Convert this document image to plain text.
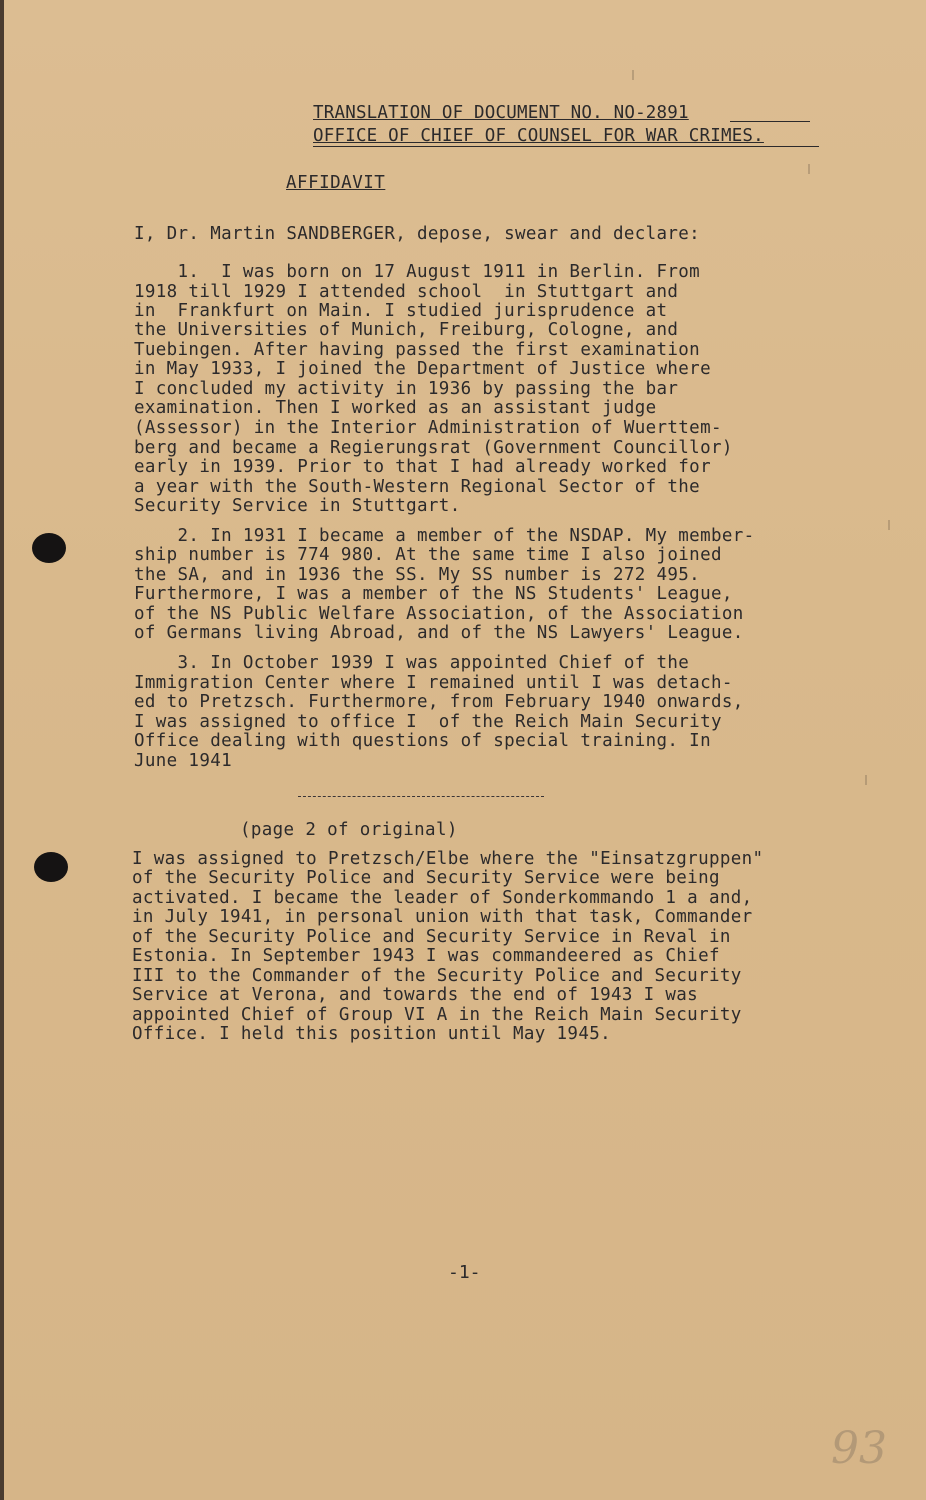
TRANSLATION OF DOCUMENT NO. NO-2891
OFFICE OF CHIEF OF COUNSEL FOR WAR CRIMES.
AFFIDAVIT
I, Dr. Martin SANDBERGER, depose, swear and declare:
1.  I was born on 17 August 1911 in Berlin. From
1918 till 1929 I attended school  in Stuttgart and
in  Frankfurt on Main. I studied jurisprudence at
the Universities of Munich, Freiburg, Cologne, and
Tuebingen. After having passed the first examination
in May 1933, I joined the Department of Justice where
I concluded my activity in 1936 by passing the bar
examination. Then I worked as an assistant judge
(Assessor) in the Interior Administration of Wuerttem-
berg and became a Regierungsrat (Government Councillor)
early in 1939. Prior to that I had already worked for
a year with the South-Western Regional Sector of the
Security Service in Stuttgart.
2. In 1931 I became a member of the NSDAP. My member-
ship number is 774 980. At the same time I also joined
the SA, and in 1936 the SS. My SS number is 272 495.
Furthermore, I was a member of the NS Students' League,
of the NS Public Welfare Association, of the Association
of Germans living Abroad, and of the NS Lawyers' League.
3. In October 1939 I was appointed Chief of the
Immigration Center where I remained until I was detach-
ed to Pretzsch. Furthermore, from February 1940 onwards,
I was assigned to office I  of the Reich Main Security
Office dealing with questions of special training. In
June 1941
(page 2 of original)
I was assigned to Pretzsch/Elbe where the "Einsatzgruppen"
of the Security Police and Security Service were being
activated. I became the leader of Sonderkommando 1 a and,
in July 1941, in personal union with that task, Commander
of the Security Police and Security Service in Reval in
Estonia. In September 1943 I was commandeered as Chief
III to the Commander of the Security Police and Security
Service at Verona, and towards the end of 1943 I was
appointed Chief of Group VI A in the Reich Main Security
Office. I held this position until May 1945.
-1-
93
